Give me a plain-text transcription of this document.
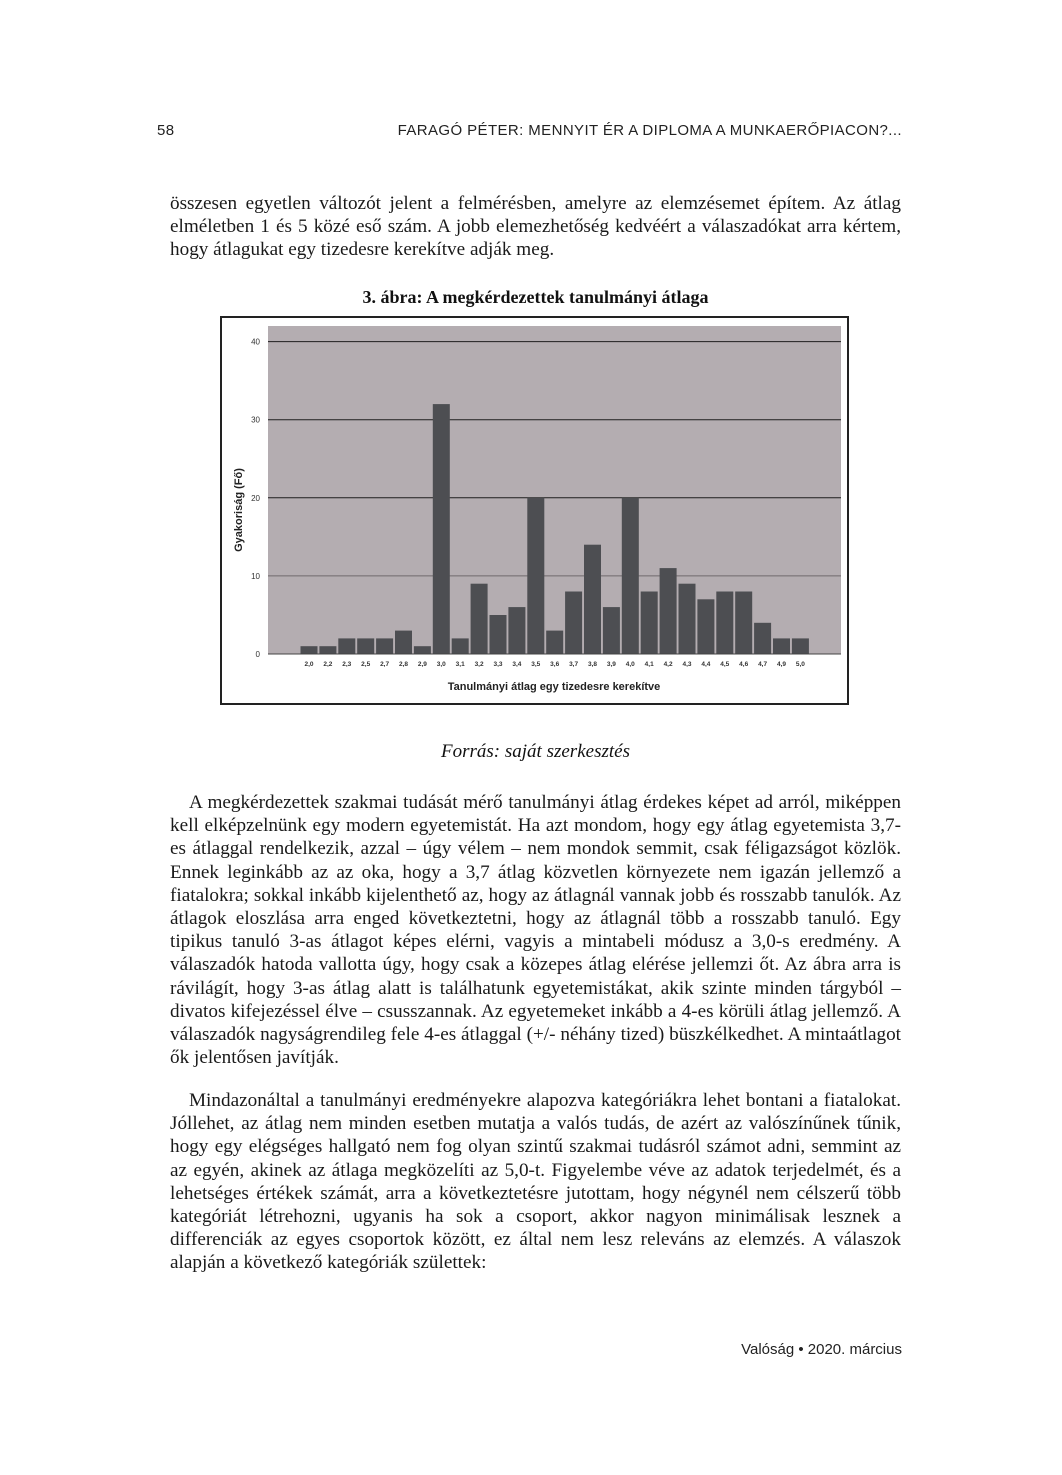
58	FARAGÓ PÉTER: MENNYIT ÉR A DIPLOMA A MUNKAERŐPIACON?...

összesen egyetlen változót jelent a felmérésben, amelyre az elemzésemet építem. Az átlag elméletben 1 és 5 közé eső szám. A jobb elemezhetőség kedvéért a válaszadókat arra kértem, hogy átlagukat egy tizedesre kerekítve adják meg.

3. ábra: A megkérdezettek tanulmányi átlaga
0
10
20
30
40
2,0 2,2 2,3 2,5 2,7 2,8 2,9 3,0 3,1 3,2 3,3 3,4 3,5 3,6 3,7 3,8 3,9 4,0 4,1 4,2 4,3 4,4 4,5 4,6 4,7 4,9 5,0
Gyakoriság (Fő)
Tanulmányi átlag egy tizedesre kerekítve
Forrás: saját szerkesztés

A megkérdezettek szakmai tudását mérő tanulmányi átlag érdekes képet ad arról, miképpen kell elképzelnünk egy modern egyetemistát. Ha azt mondom, hogy egy átlag egyetemista 3,7-es átlaggal rendelkezik, azzal – úgy vélem – nem mondok semmit, csak féligazságot közlök. Ennek leginkább az az oka, hogy a 3,7 átlag közvetlen környezete nem igazán jellemző a fiatalokra; sokkal inkább kijelenthető az, hogy az átlagnál vannak jobb és rosszabb tanulók. Az átlagok eloszlása arra enged következtetni, hogy az átlagnál több a rosszabb tanuló. Egy tipikus tanuló 3-as átlagot képes elérni, vagyis a mintabeli módusz a 3,0-s eredmény. A válaszadók hatoda vallotta úgy, hogy csak a közepes átlag elérése jellemzi őt. Az ábra arra is rávilágít, hogy 3-as átlag alatt is találhatunk egyetemistákat, akik szinte minden tárgyból – divatos kifejezéssel élve – csusszannak. Az egyetemeket inkább a 4-es körüli átlag jellemző. A válaszadók nagyságrendileg fele 4-es átlaggal (+/- néhány tized) büszkélkedhet. A mintaátlagot ők jelentősen javítják.

Mindazonáltal a tanulmányi eredményekre alapozva kategóriákra lehet bontani a fiatalokat. Jóllehet, az átlag nem minden esetben mutatja a valós tudás, de azért az valószínűnek tűnik, hogy egy elégséges hallgató nem fog olyan szintű szakmai tudásról számot adni, semmint az az egyén, akinek az átlaga megközelíti az 5,0-t. Figyelembe véve az adatok terjedelmét, és a lehetséges értékek számát, arra a következtetésre jutottam, hogy négynél nem célszerű több kategóriát létrehozni, ugyanis ha sok a csoport, akkor nagyon minimálisak lesznek a differenciák az egyes csoportok között, ez által nem lesz releváns az elemzés. A válaszok alapján a következő kategóriák születtek:

Valóság • 2020. március
